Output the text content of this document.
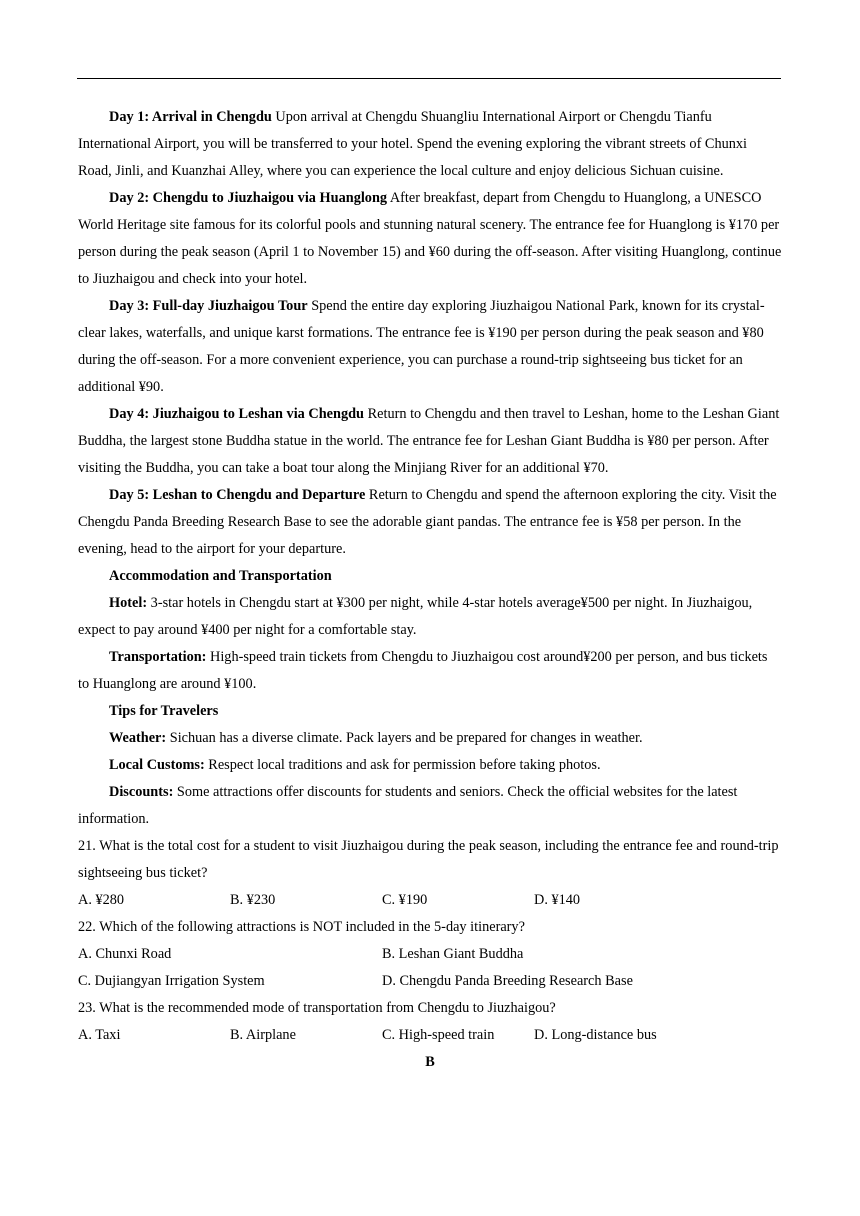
Day 1: Arrival in Chengdu Upon arrival at Chengdu Shuangliu International Airport or Chengdu Tianfu International Airport, you will be transferred to your hotel. Spend the evening exploring the vibrant streets of Chunxi Road, Jinli, and Kuanzhai Alley, where you can experience the local culture and enjoy delicious Sichuan cuisine.

Day 2: Chengdu to Jiuzhaigou via Huanglong After breakfast, depart from Chengdu to Huanglong, a UNESCO World Heritage site famous for its colorful pools and stunning natural scenery. The entrance fee for Huanglong is ¥170 per person during the peak season (April 1 to November 15) and ¥60 during the off-season. After visiting Huanglong, continue to Jiuzhaigou and check into your hotel.

Day 3: Full-day Jiuzhaigou Tour Spend the entire day exploring Jiuzhaigou National Park, known for its crystal-clear lakes, waterfalls, and unique karst formations. The entrance fee is ¥190 per person during the peak season and ¥80 during the off-season. For a more convenient experience, you can purchase a round-trip sightseeing bus ticket for an additional ¥90.

Day 4: Jiuzhaigou to Leshan via Chengdu Return to Chengdu and then travel to Leshan, home to the Leshan Giant Buddha, the largest stone Buddha statue in the world. The entrance fee for Leshan Giant Buddha is ¥80 per person. After visiting the Buddha, you can take a boat tour along the Minjiang River for an additional ¥70.

Day 5: Leshan to Chengdu and Departure Return to Chengdu and spend the afternoon exploring the city. Visit the Chengdu Panda Breeding Research Base to see the adorable giant pandas. The entrance fee is ¥58 per person. In the evening, head to the airport for your departure.

Accommodation and Transportation

Hotel: 3-star hotels in Chengdu start at ¥300 per night, while 4-star hotels average¥500 per night. In Jiuzhaigou, expect to pay around ¥400 per night for a comfortable stay.

Transportation: High-speed train tickets from Chengdu to Jiuzhaigou cost around¥200 per person, and bus tickets to Huanglong are around ¥100.

Tips for Travelers

Weather: Sichuan has a diverse climate. Pack layers and be prepared for changes in weather.

Local Customs: Respect local traditions and ask for permission before taking photos.

Discounts: Some attractions offer discounts for students and seniors. Check the official websites for the latest information.

21. What is the total cost for a student to visit Jiuzhaigou during the peak season, including the entrance fee and round-trip sightseeing bus ticket?

A. ¥280	B. ¥230	C. ¥190	D. ¥140

22. Which of the following attractions is NOT included in the 5-day itinerary?

A. Chunxi Road	B. Leshan Giant Buddha
C. Dujiangyan Irrigation System	D. Chengdu Panda Breeding Research Base

23. What is the recommended mode of transportation from Chengdu to Jiuzhaigou?

A. Taxi	B. Airplane	C. High-speed train	D. Long-distance bus

B
